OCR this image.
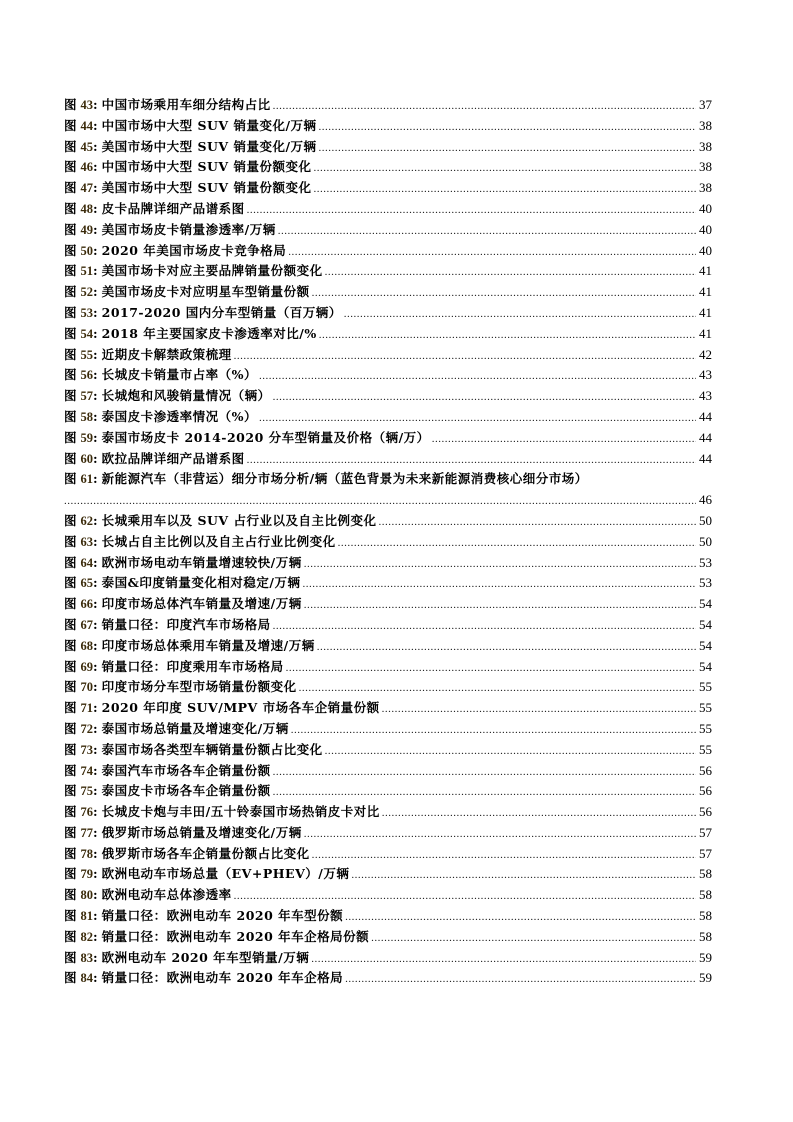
图 43: 中国市场乘用车细分结构占比 .....	37
图 44: 中国市场中大型 SUV 销量变化/万辆 .....	38
图 45: 美国市场中大型 SUV 销量变化/万辆 .....	38
图 46: 中国市场中大型 SUV 销量份额变化 .....	38
图 47: 美国市场中大型 SUV 销量份额变化 .....	38
图 48: 皮卡品牌详细产品谱系图 .....	40
图 49: 美国市场皮卡销量渗透率/万辆 .....	40
图 50: 2020 年美国市场皮卡竞争格局 .....	40
图 51: 美国市场卡对应主要品牌销量份额变化 .....	41
图 52: 美国市场皮卡对应明星车型销量份额 .....	41
图 53: 2017-2020 国内分车型销量（百万辆） .....	41
图 54: 2018 年主要国家皮卡渗透率对比/% .....	41
图 55: 近期皮卡解禁政策梳理 .....	42
图 56: 长城皮卡销量市占率（%） .....	43
图 57: 长城炮和风骏销量情况（辆） .....	43
图 58: 泰国皮卡渗透率情况（%） .....	44
图 59: 泰国市场皮卡 2014-2020 分车型销量及价格（辆/万） .....	44
图 60: 欧拉品牌详细产品谱系图 .....	44
图 61: 新能源汽车（非营运）细分市场分析/辆（蓝色背景为未来新能源消费核心细分市场）
.....
46
图 62: 长城乘用车以及 SUV 占行业以及自主比例变化 .....	50
图 63: 长城占自主比例以及自主占行业比例变化 .....	50
图 64: 欧洲市场电动车销量增速较快/万辆 .....	53
图 65: 泰国&印度销量变化相对稳定/万辆 .....	53
图 66: 印度市场总体汽车销量及增速/万辆 .....	54
图 67: 销量口径：印度汽车市场格局 .....	54
图 68: 印度市场总体乘用车销量及增速/万辆 .....	54
图 69: 销量口径：印度乘用车市场格局 .....	54
图 70: 印度市场分车型市场销量份额变化 .....	55
图 71: 2020 年印度 SUV/MPV 市场各车企销量份额 .....	55
图 72: 泰国市场总销量及增速变化/万辆 .....	55
图 73: 泰国市场各类型车辆销量份额占比变化 .....	55
图 74: 泰国汽车市场各车企销量份额 .....	56
图 75: 泰国皮卡市场各车企销量份额 .....	56
图 76: 长城皮卡炮与丰田/五十铃泰国市场热销皮卡对比 .....	56
图 77: 俄罗斯市场总销量及增速变化/万辆 .....	57
图 78: 俄罗斯市场各车企销量份额占比变化 .....	57
图 79: 欧洲电动车市场总量（EV+PHEV）/万辆 .....	58
图 80: 欧洲电动车总体渗透率 .....	58
图 81: 销量口径：欧洲电动车 2020 年车型份额 .....	58
图 82: 销量口径：欧洲电动车 2020 年车企格局份额 .....	58
图 83: 欧洲电动车 2020 年车型销量/万辆 .....	59
图 84: 销量口径：欧洲电动车 2020 年车企格局 .....	59
